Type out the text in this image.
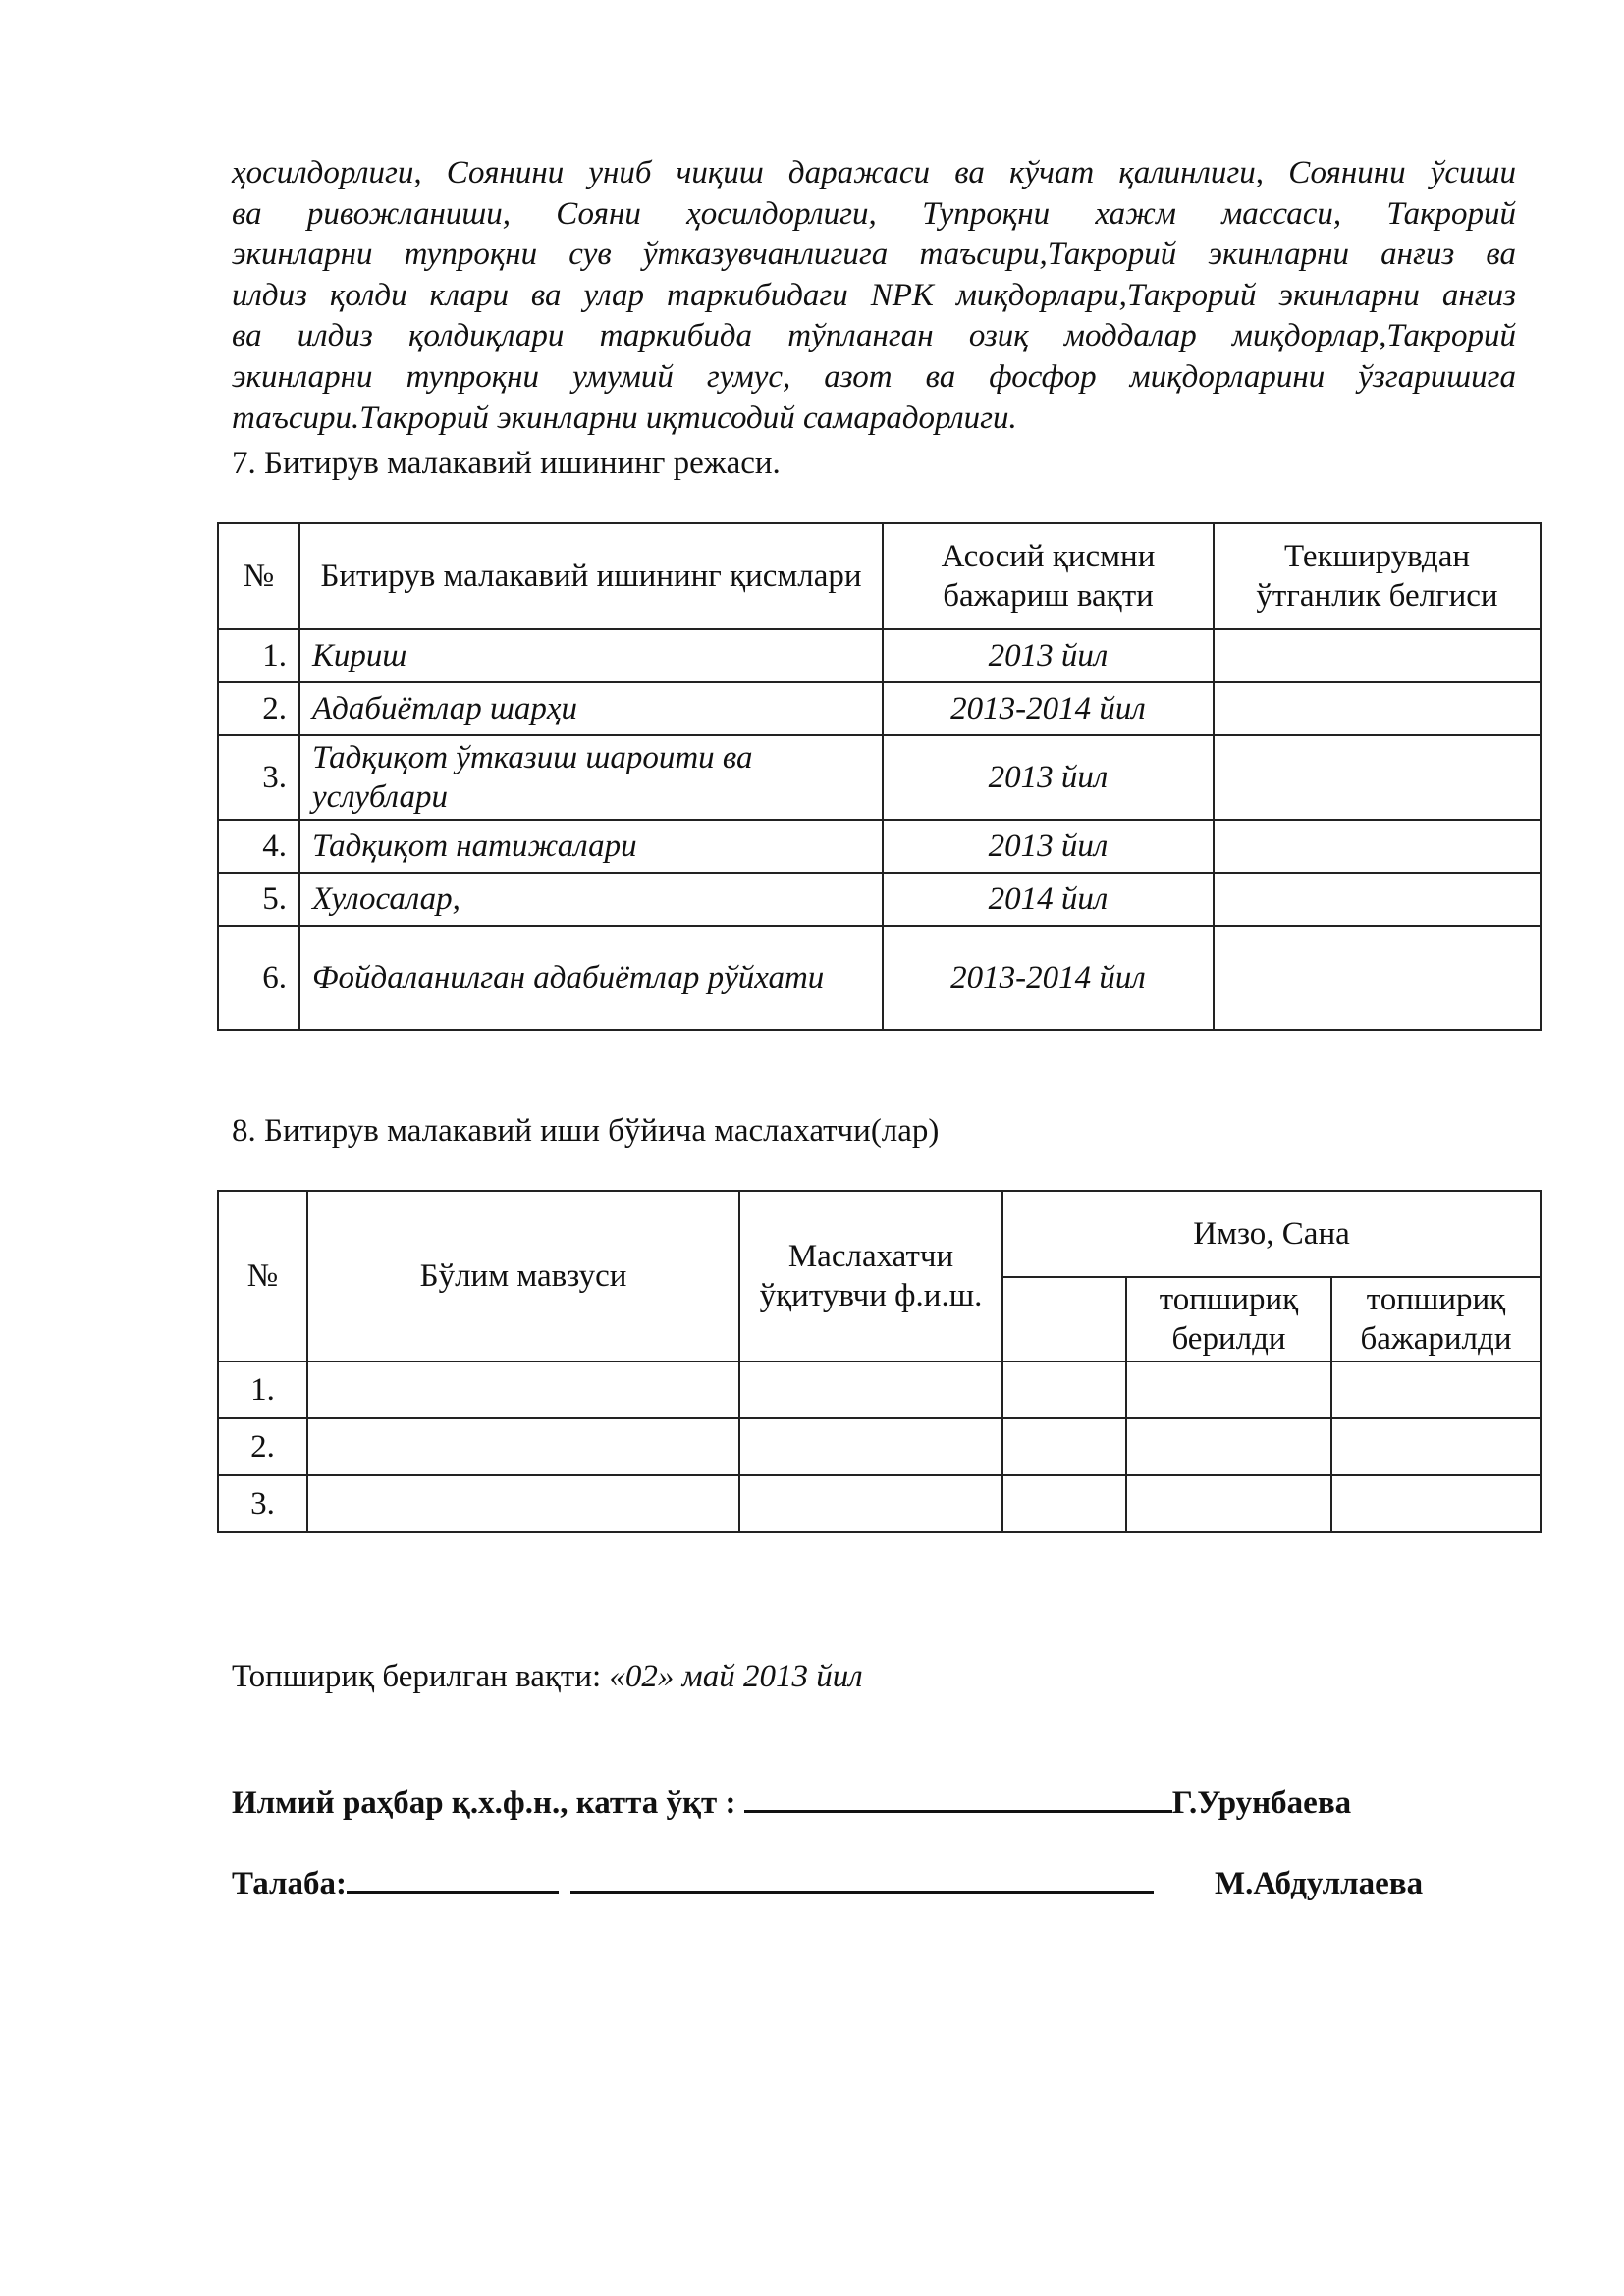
ҳосилдорлиги, Соянини униб чиқиш даражаси ва кўчат қалинлиги, Соянини ўсиши
ва ривожланиши, Сояни ҳосилдорлиги, Тупроқни хажм массаси, Такрорий
экинларни тупроқни сув ўтказувчанлигига таъсири,Такрорий экинларни анғиз ва
илдиз қолди клари ва улар таркибидаги NPK миқдорлари,Такрорий экинларни анғиз
ва илдиз қолдиқлари таркибида тўпланган озиқ моддалар миқдорлар,Такрорий
экинларни тупроқни умумий гумус, азот ва фосфор миқдорларини ўзгаришига
таъсири.Такрорий экинларни иқтисодий самарадорлиги.
7. Битирув малакавий ишининг режаси.
№	Битирув малакавий ишининг қисмлари	Асосий қисмни бажариш вақти	Текширувдан ўтганлик белгиси
1.	Кириш	2013 йил	
2.	Адабиётлар шарҳи	2013-2014 йил	
3.	Тадқиқот ўтказиш шароити ва услублари	2013 йил	
4.	Тадқиқот натижалари	2013 йил	
5.	Хулосалар,	2014 йил	
6.	Фойдаланилган адабиётлар рўйхати	2013-2014 йил	
8. Битирув малакавий иши бўйича маслахатчи(лар)
№	Бўлим мавзуси	Маслахатчи ўқитувчи ф.и.ш.	Имзо, Сана		
				топшириқ берилди	топшириқ бажарилди
1.					
2.					
3.					
Топшириқ берилган вақти: «02» май 2013 йил
Илмий раҳбар қ.х.ф.н., катта ўқт :	Г.Урунбаева
Талаба:	М.Абдуллаева
